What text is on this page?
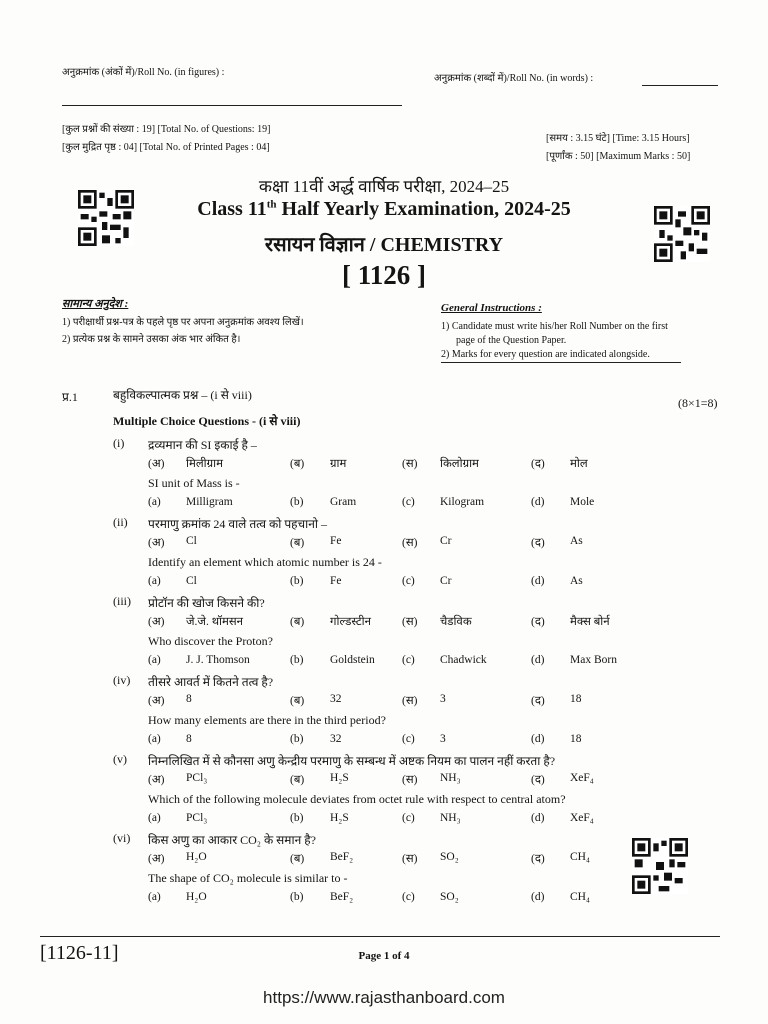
अनुक्रमांक (अंकों में)/Roll No. (in figures) :
अनुक्रमांक (शब्दों में)/Roll No. (in words) :
[कुल प्रश्नों की संख्या : 19] [Total No. of Questions: 19]
[कुल मुद्रित पृष्ठ : 04] [Total No. of Printed Pages : 04]
[समय : 3.15 घंटे] [Time: 3.15 Hours]
[पूर्णांक : 50] [Maximum Marks : 50]
कक्षा 11वीं अर्द्ध वार्षिक परीक्षा, 2024–25
Class 11th Half Yearly Examination, 2024-25
रसायन विज्ञान / CHEMISTRY
[ 1126 ]
सामान्य अनुदेश :
1) परीक्षार्थी प्रश्न-पत्र के पहले पृष्ठ पर अपना अनुक्रमांक अवश्य लिखें।
2) प्रत्येक प्रश्न के सामने उसका अंक भार अंकित है।
General Instructions :
1) Candidate must write his/her Roll Number on the first
page of the Question Paper.
2) Marks for every question are indicated alongside.
प्र.1	बहुविकल्पात्मक प्रश्न – (i से viii)
(8×1=8)
Multiple Choice Questions - (i से viii)
(i) द्रव्यमान की SI इकाई है –
(अ) मिलीग्राम	(ब) ग्राम	(स) किलोग्राम	(द) मोल
SI unit of Mass is -
(a) Milligram	(b) Gram	(c) Kilogram	(d) Mole
(ii) परमाणु क्रमांक 24 वाले तत्व को पहचानो –
(अ) Cl	(ब) Fe	(स) Cr	(द) As
Identify an element which atomic number is 24 -
(a) Cl	(b) Fe	(c) Cr	(d) As
(iii) प्रोटॉन की खोज किसने की?
(अ) जे.जे. थॉमसन	(ब) गोल्डस्टीन	(स) चैडविक	(द) मैक्स बोर्न
Who discover the Proton?
(a) J. J. Thomson	(b) Goldstein (c) Chadwick	(d) Max Born
(iv) तीसरे आवर्त में कितने तत्व है?
(अ) 8	(ब) 32	(स) 3	(द) 18
How many elements are there in the third period?
(a) 8	(b) 32	(c) 3	(d) 18
(v) निम्नलिखित में से कौनसा अणु केन्द्रीय परमाणु के सम्बन्ध में अष्टक नियम का पालन नहीं करता है?
(अ) PCl₃	(ब) H₂S	(स) NH₃	(द) XeF₄
Which of the following molecule deviates from octet rule with respect to central atom?
(a) PCl₃	(b) H₂S	(c) NH₃	(d) XeF₄
(vi) किस अणु का आकार CO₂ के समान है?
(अ) H₂O	(ब) BeF₂	(स) SO₂	(द) CH₄
The shape of CO₂ molecule is similar to -
(a) H₂O	(b) BeF₂	(c) SO₂	(d) CH₄
[1126-11]	Page 1 of 4
https://www.rajasthanboard.com
